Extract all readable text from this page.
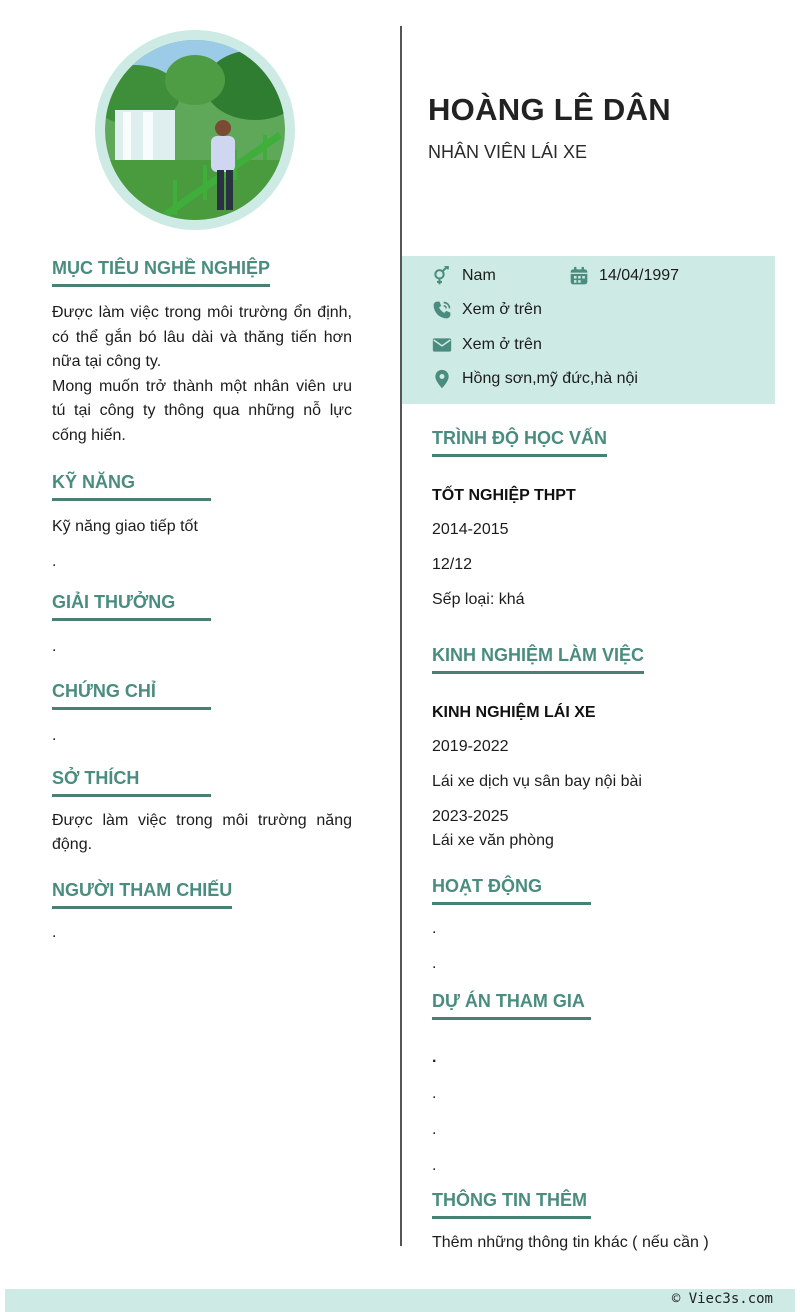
MỤC TIÊU NGHỀ NGHIỆP

Được làm việc trong môi trường ổn định, có thể gắn bó lâu dài và thăng tiến hơn nữa tại công ty.

Mong muốn trở thành một nhân viên ưu tú tại công ty thông qua những nỗ lực cống hiến.

KỸ NĂNG

Kỹ năng giao tiếp tốt

.

GIẢI THƯỞNG

.

CHỨNG CHỈ

.

SỞ THÍCH

Được làm việc trong môi trường năng động.

NGƯỜI THAM CHIẾU

.

HOÀNG LÊ DÂN

NHÂN VIÊN LÁI XE

Nam	14/04/1997
Xem ở trên
Xem ở trên
Hồng sơn,mỹ đức,hà nội
TRÌNH ĐỘ HỌC VẤN

TỐT NGHIỆP THPT

2014-2015

12/12

Sếp loại: khá

KINH NGHIỆM LÀM VIỆC

KINH NGHIỆM LÁI XE

2019-2022

Lái xe dịch vụ sân bay nội bài

2023-2025

Lái xe văn phòng

HOẠT ĐỘNG

.

.

DỰ ÁN THAM GIA

.

.

.

.

THÔNG TIN THÊM

Thêm những thông tin khác ( nếu cần )

© Viec3s.com
